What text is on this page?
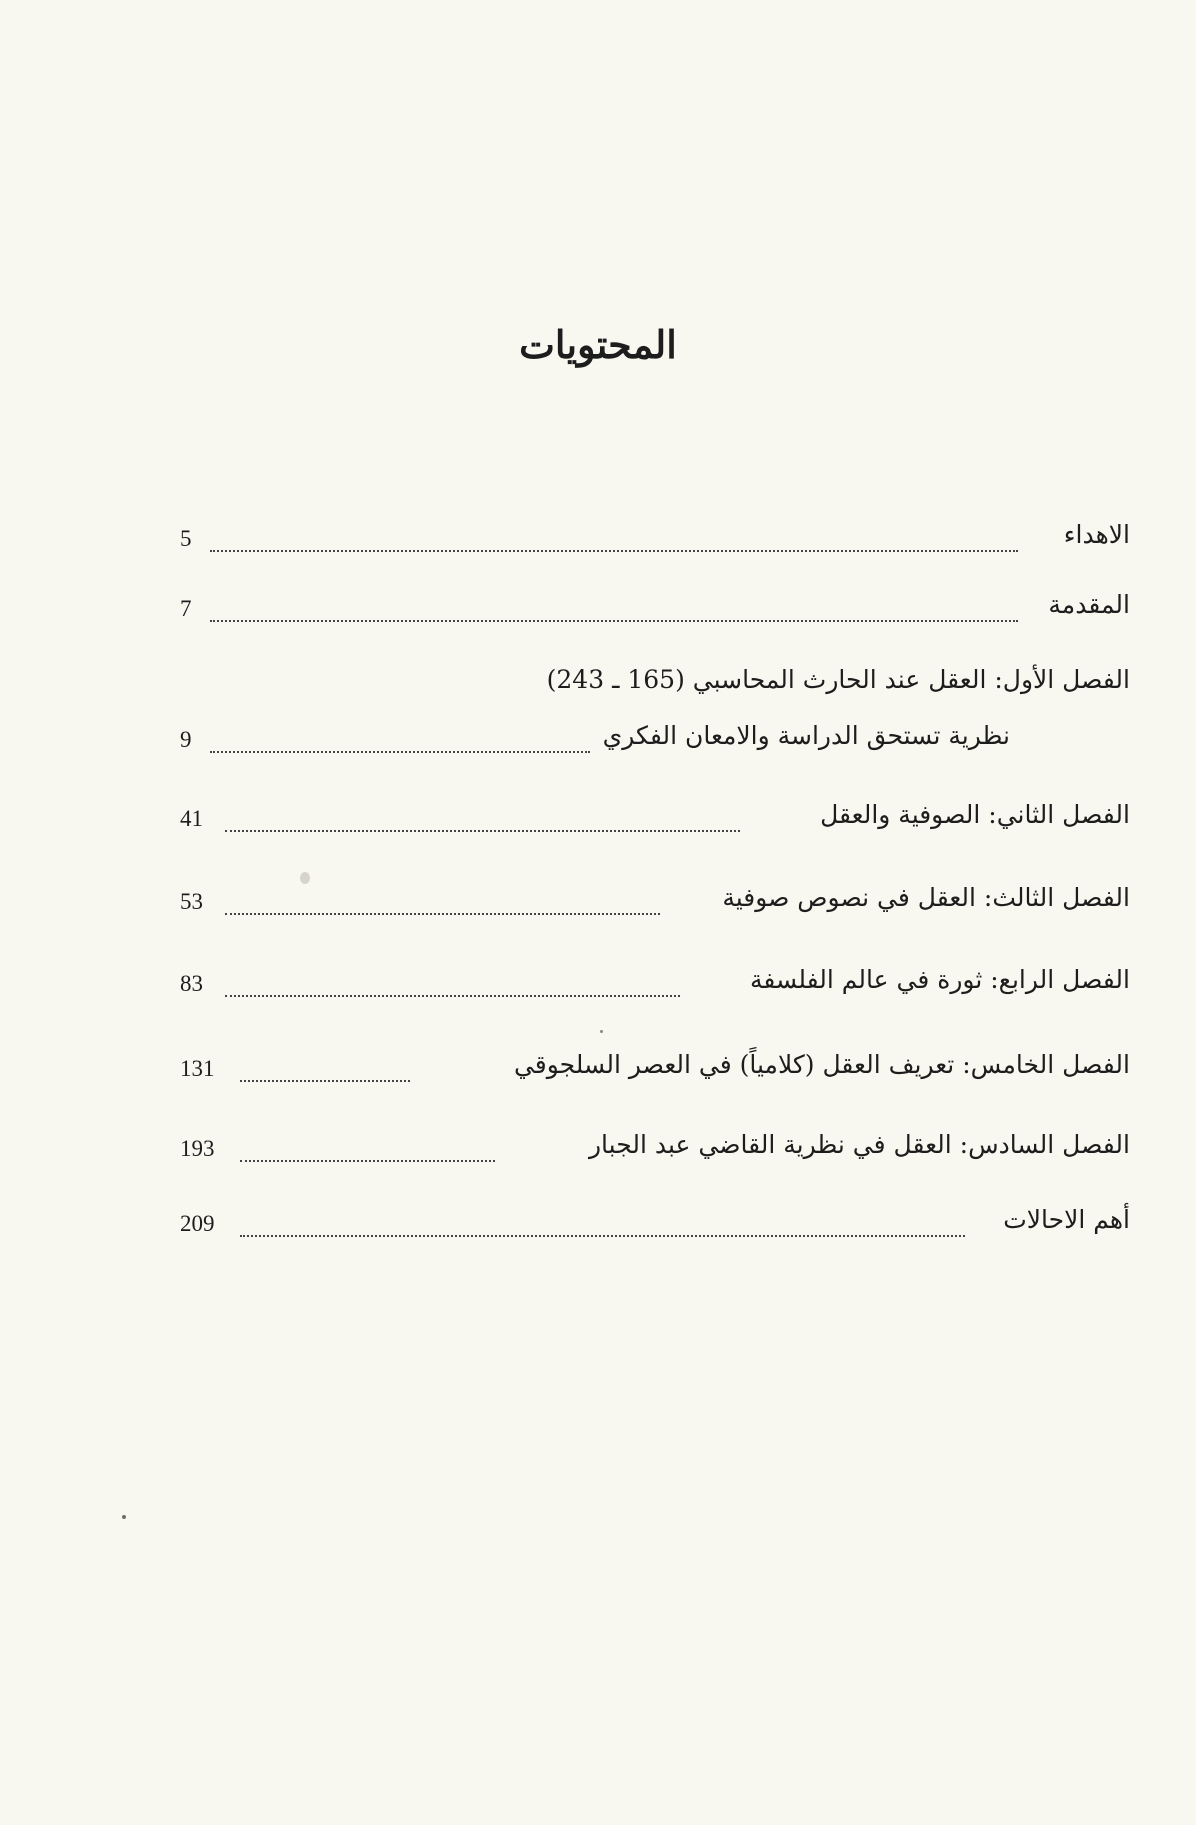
المحتويات
الاهداء
5
المقدمة
7
الفصل الأول: العقل عند الحارث المحاسبي (165 ـ 243)
نظرية تستحق الدراسة والامعان الفكري
9
الفصل الثاني: الصوفية والعقل
41
الفصل الثالث: العقل في نصوص صوفية
53
الفصل الرابع: ثورة في عالم الفلسفة
83
الفصل الخامس: تعريف العقل (كلامياً) في العصر السلجوقي
131
الفصل السادس: العقل في نظرية القاضي عبد الجبار
193
أهم الاحالات
209
